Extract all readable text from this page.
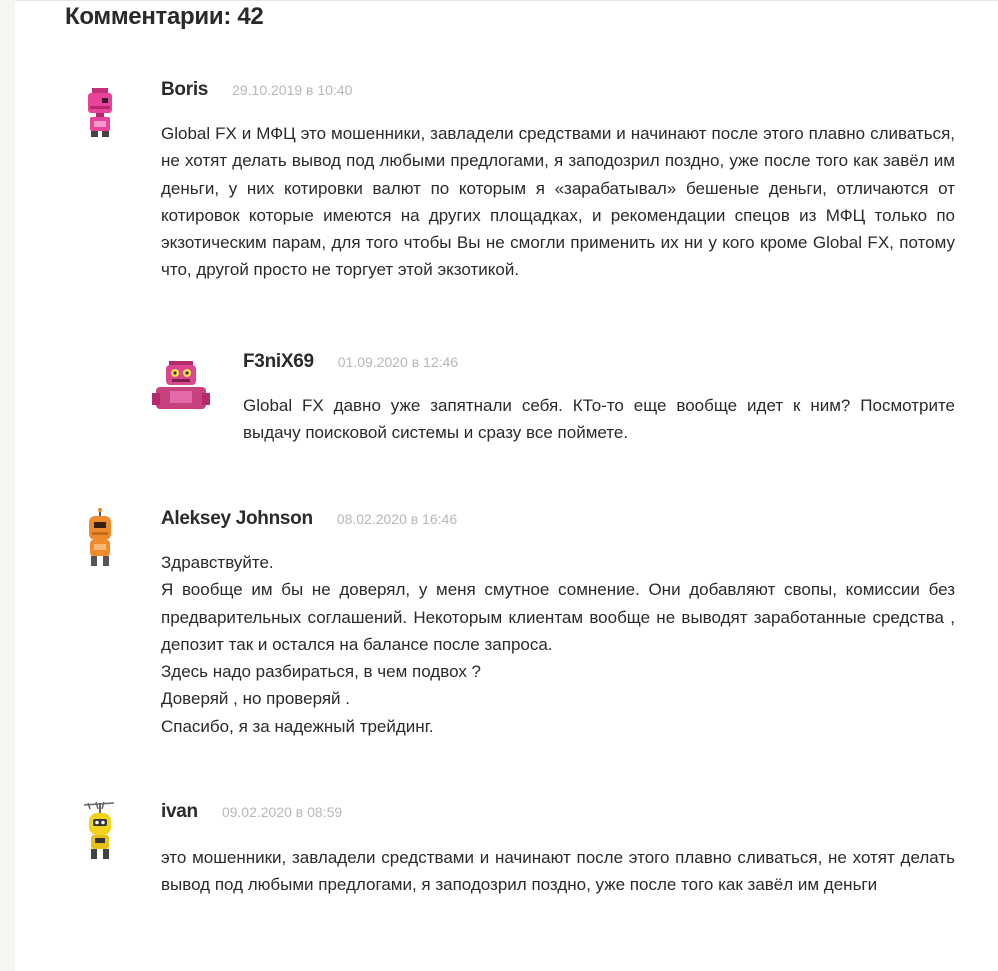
Комментарии: 42
Boris 29.10.2019 в 10:40

Global FX и МФЦ это мошенники, завладели средствами и начинают после этого плавно сливаться, не хотят делать вывод под любыми предлогами, я заподозрил поздно, уже после того как завёл им деньги, у них котировки валют по которым я «зарабатывал» бешеные деньги, отличаются от котировок которые имеются на других площадках, и рекомендации спецов из МФЦ только по экзотическим парам, для того чтобы Вы не смогли применить их ни у кого кроме Global FX, потому что, другой просто не торгует этой экзотикой.

F3niX69 01.09.2020 в 12:46

Global FX давно уже запятнали себя. КТо-то еще вообще идет к ним? Посмотрите выдачу поисковой системы и сразу все поймете.

Aleksey Johnson 08.02.2020 в 16:46
Здравствуйте.
Я вообще им бы не доверял, у меня смутное сомнение. Они добавляют свопы, комиссии без предварительных соглашений. Некоторым клиентам вообще не выводят заработанные средства , депозит так и остался на балансе после запроса.
Здесь надо разбираться, в чем подвох ?
Доверяй , но проверяй .
Спасибо, я за надежный трейдинг.
ivan 09.02.2020 в 08:59

это мошенники, завладели средствами и начинают после этого плавно сливаться, не хотят делать вывод под любыми предлогами, я заподозрил поздно, уже после того как завёл им деньги
